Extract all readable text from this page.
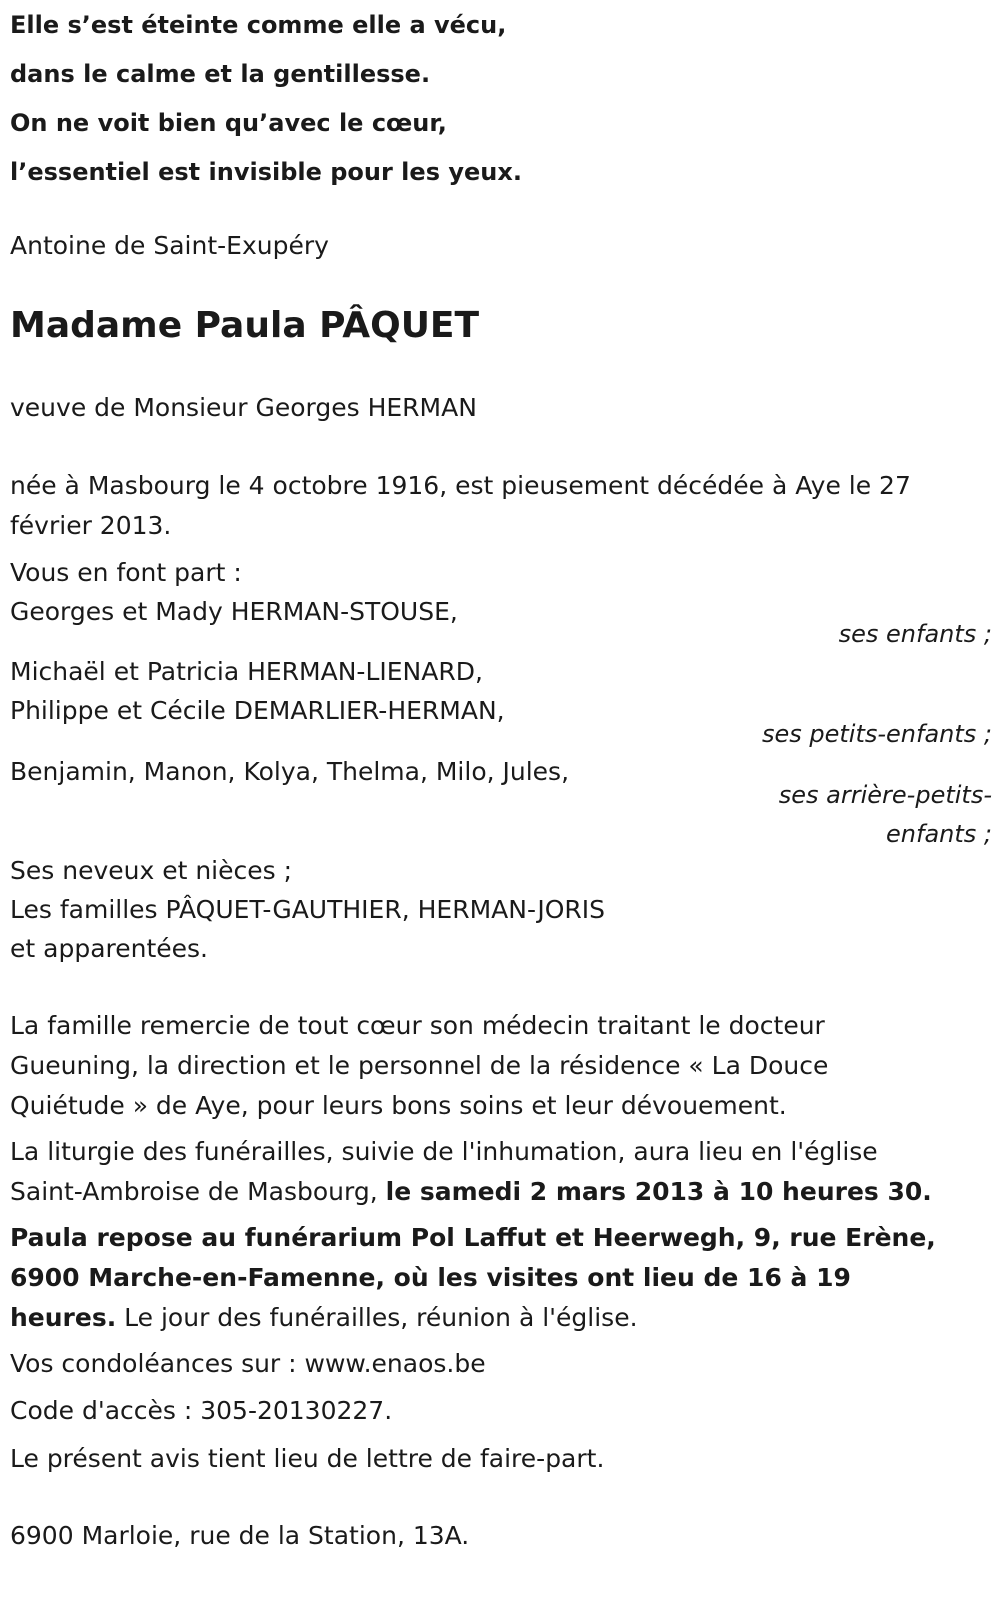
Elle s’est éteinte comme elle a vécu,

dans le calme et la gentillesse.

On ne voit bien qu’avec le cœur,

l’essentiel est invisible pour les yeux.

Antoine de Saint-Exupéry

Madame Paula PÂQUET

veuve de Monsieur Georges HERMAN

née à Masbourg le 4 octobre 1916, est pieusement décédée à Aye le 27 février 2013.

Vous en font part :

Georges et Mady HERMAN-STOUSE,

ses enfants ;

Michaël et Patricia HERMAN-LIENARD,

Philippe et Cécile DEMARLIER-HERMAN,

ses petits-enfants ;

Benjamin, Manon, Kolya, Thelma, Milo, Jules,

ses arrière-petits-

enfants ;

Ses neveux et nièces ;

Les familles PÂQUET-GAUTHIER, HERMAN-JORIS

et apparentées.

La famille remercie de tout cœur son médecin traitant le docteur Gueuning, la direction et le personnel de la résidence « La Douce Quiétude » de Aye, pour leurs bons soins et leur dévouement.

La liturgie des funérailles, suivie de l'inhumation, aura lieu en l'église Saint-Ambroise de Masbourg, le samedi 2 mars 2013 à 10 heures 30.

Paula repose au funérarium Pol Laffut et Heerwegh, 9, rue Erène, 6900 Marche-en-Famenne, où les visites ont lieu de 16 à 19 heures. Le jour des funérailles, réunion à l'église.

Vos condoléances sur : www.enaos.be

Code d'accès : 305-20130227.

Le présent avis tient lieu de lettre de faire-part.

6900 Marloie, rue de la Station, 13A.
